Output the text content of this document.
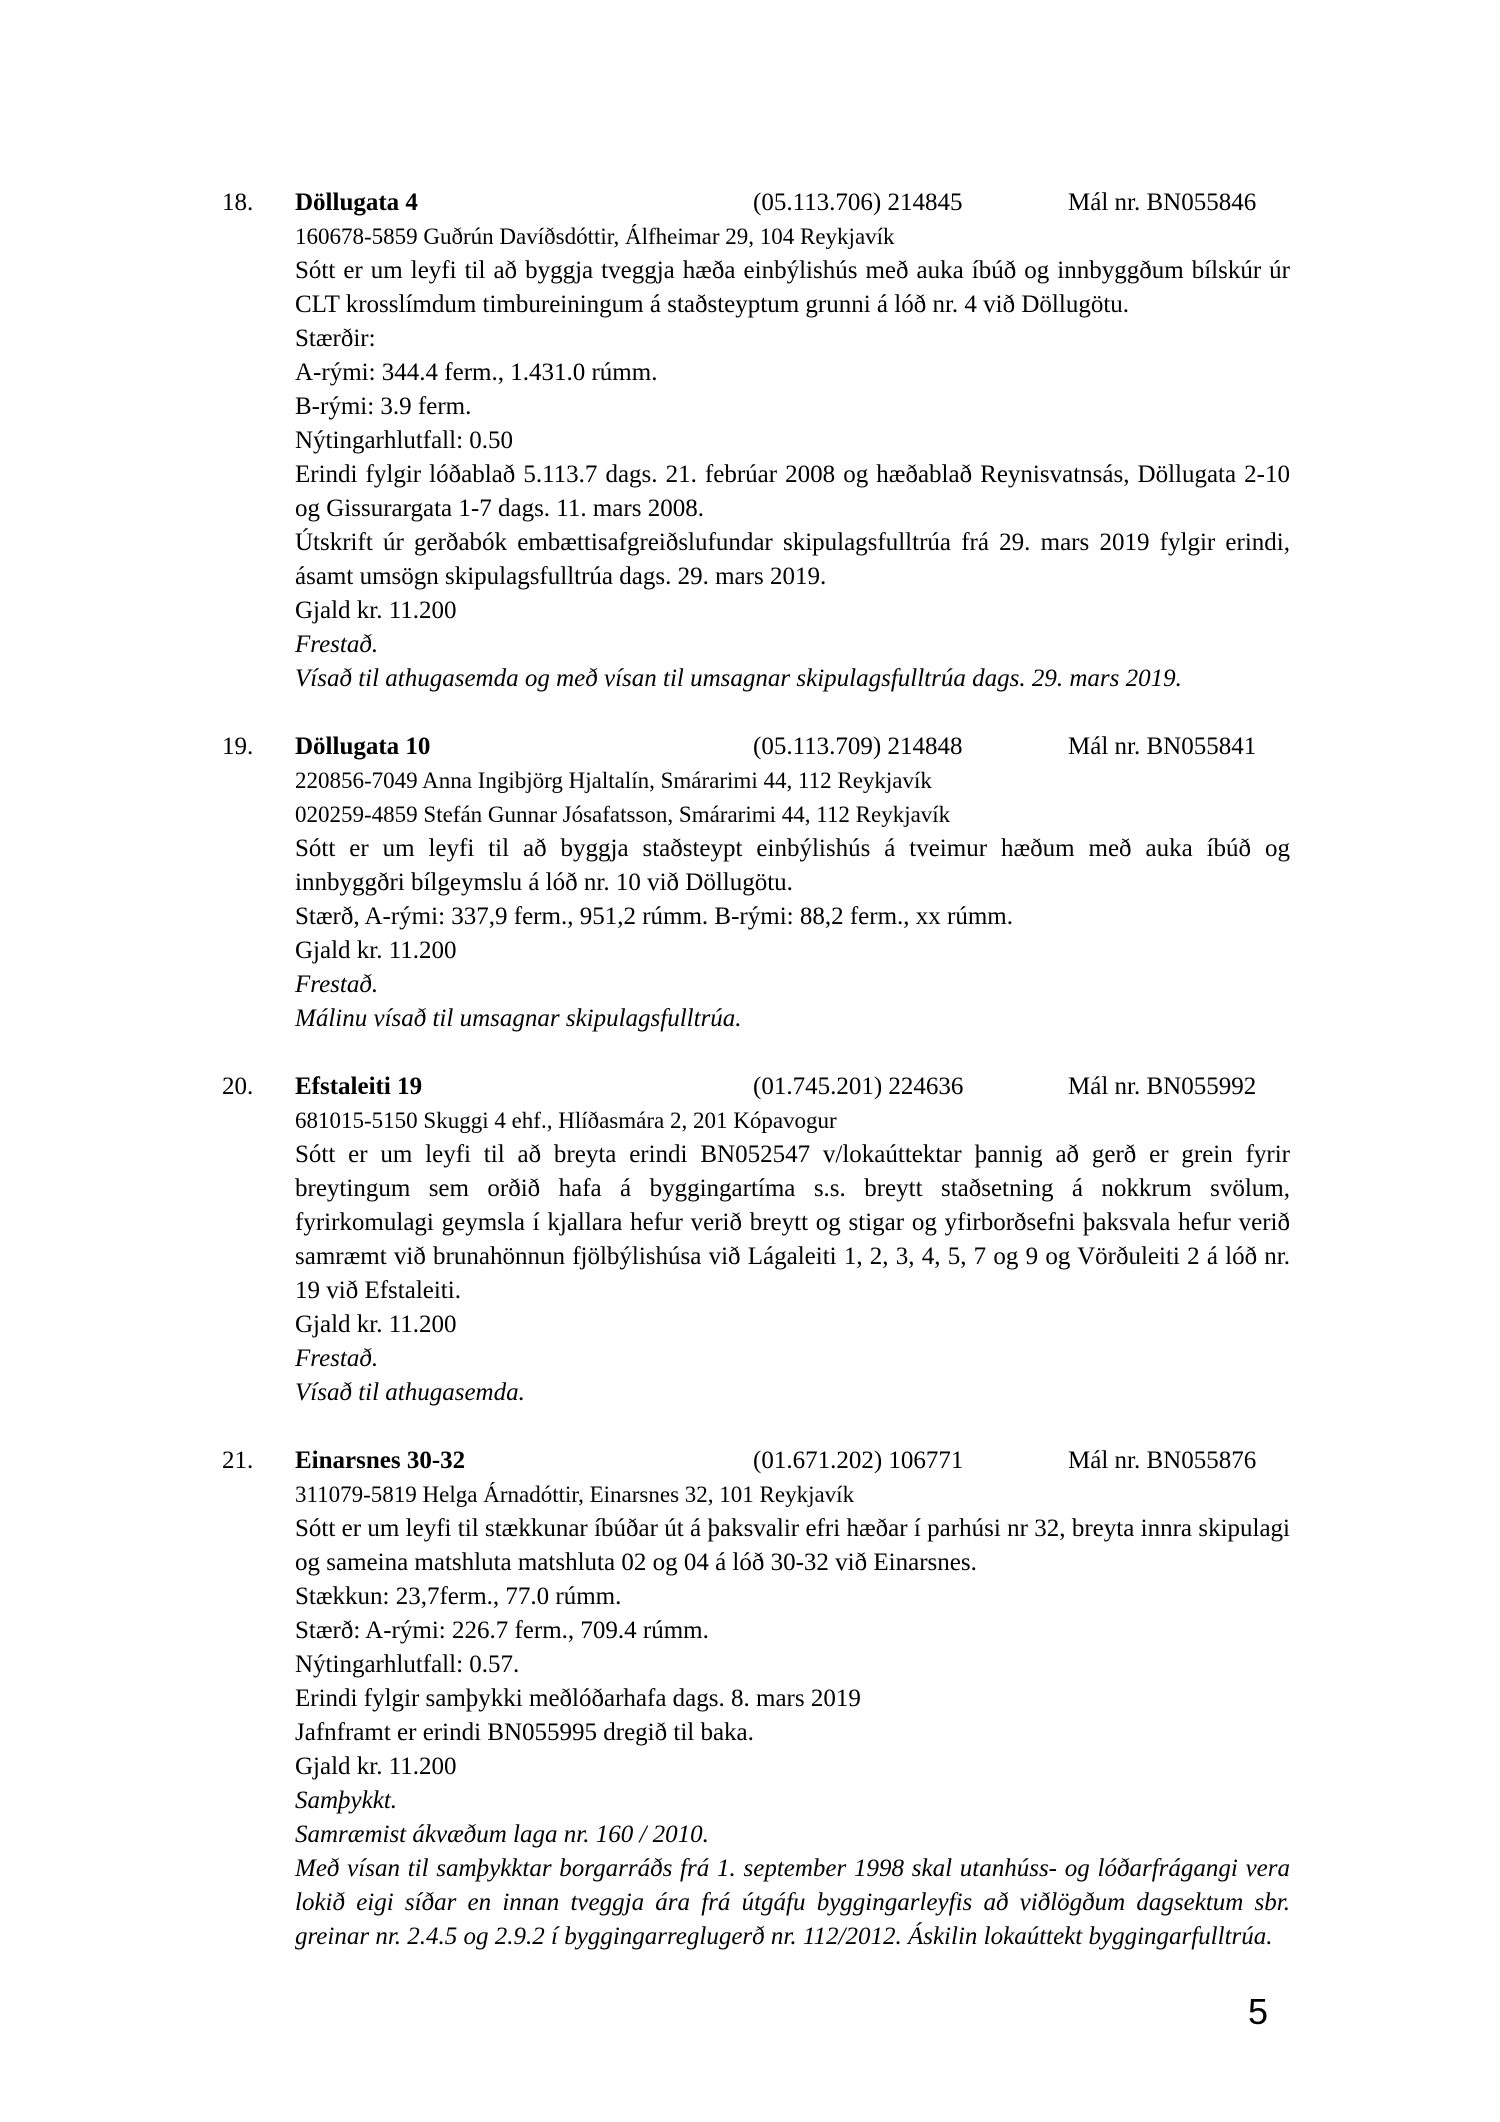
18.	Döllugata 4	(05.113.706) 214845	Mál nr. BN055846

160678-5859 Guðrún Davíðsdóttir, Álfheimar 29, 104 Reykjavík

Sótt er um leyfi til að byggja tveggja hæða einbýlishús með auka íbúð og innbyggðum bílskúr úr CLT krosslímdum timbureiningum á staðsteyptum grunni á lóð nr. 4 við Döllugötu.

Stærðir:

A-rými: 344.4 ferm., 1.431.0 rúmm.

B-rými: 3.9 ferm.

Nýtingarhlutfall: 0.50

Erindi fylgir lóðablað 5.113.7 dags. 21. febrúar 2008 og hæðablað Reynisvatnsás, Döllugata 2-10 og Gissurargata 1-7 dags. 11. mars 2008.

Útskrift úr gerðabók embættisafgreiðslufundar skipulagsfulltrúa frá 29. mars 2019 fylgir erindi, ásamt umsögn skipulagsfulltrúa dags. 29. mars 2019.

Gjald kr. 11.200

Frestað.

Vísað til athugasemda og með vísan til umsagnar skipulagsfulltrúa dags. 29. mars 2019.

19.	Döllugata 10	(05.113.709) 214848	Mál nr. BN055841

220856-7049 Anna Ingibjörg Hjaltalín, Smárarimi 44, 112 Reykjavík

020259-4859 Stefán Gunnar Jósafatsson, Smárarimi 44, 112 Reykjavík

Sótt er um leyfi til að byggja staðsteypt einbýlishús á tveimur hæðum með auka íbúð og innbyggðri bílgeymslu á lóð nr. 10 við Döllugötu.

Stærð, A-rými: 337,9 ferm., 951,2 rúmm. B-rými: 88,2 ferm., xx rúmm.

Gjald kr. 11.200

Frestað.

Málinu vísað til umsagnar skipulagsfulltrúa.

20.	Efstaleiti 19	(01.745.201) 224636	Mál nr. BN055992

681015-5150 Skuggi 4 ehf., Hlíðasmára 2, 201 Kópavogur

Sótt er um leyfi til að breyta erindi BN052547 v/lokaúttektar þannig að gerð er grein fyrir breytingum sem orðið hafa á byggingartíma s.s. breytt staðsetning á nokkrum svölum, fyrirkomulagi geymsla í kjallara hefur verið breytt og stigar og yfirborðsefni þaksvala hefur verið samræmt við brunahönnun fjölbýlishúsa við Lágaleiti 1, 2, 3, 4, 5, 7 og 9 og Vörðuleiti 2 á lóð nr. 19 við Efstaleiti.

Gjald kr. 11.200

Frestað.

Vísað til athugasemda.

21.	Einarsnes 30-32	(01.671.202) 106771	Mál nr. BN055876

311079-5819 Helga Árnadóttir, Einarsnes 32, 101 Reykjavík

Sótt er um leyfi til stækkunar íbúðar út á þaksvalir efri hæðar í parhúsi nr 32, breyta innra skipulagi og sameina matshluta matshluta 02 og 04 á lóð 30-32 við Einarsnes.

Stækkun: 23,7ferm., 77.0 rúmm.

Stærð: A-rými: 226.7 ferm., 709.4 rúmm.

Nýtingarhlutfall: 0.57.

Erindi fylgir samþykki meðlóðarhafa dags. 8. mars 2019

Jafnframt er erindi BN055995 dregið til baka.

Gjald kr. 11.200

Samþykkt.

Samræmist ákvæðum laga nr. 160 / 2010.

Með vísan til samþykktar borgarráðs frá 1. september 1998 skal utanhúss- og lóðarfrágangi vera lokið eigi síðar en innan tveggja ára frá útgáfu byggingarleyfis að viðlögðum dagsektum sbr. greinar nr. 2.4.5 og 2.9.2 í byggingarreglugerð nr. 112/2012. Áskilin lokaúttekt byggingarfulltrúa.

5
